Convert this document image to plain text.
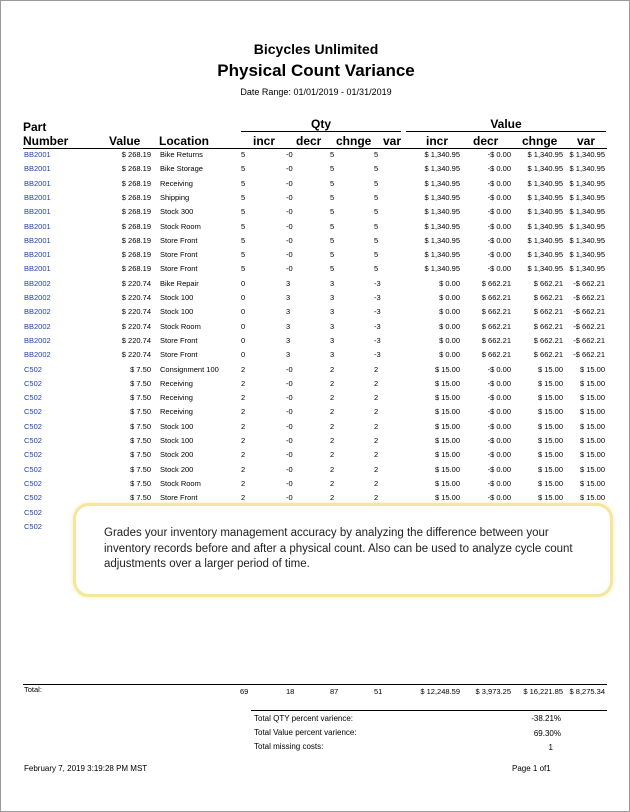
Bicycles Unlimited
Physical Count Variance
Date Range: 01/01/2019 - 01/31/2019
Qty	Value
Part
Number	Value Location	incr decr chnge var incr decr chnge var
BB2001	$ 268.19 Bike Returns	5	-0	5	5	$ 1,340.95	-$ 0.00	$ 1,340.95 $ 1,340.95
BB2001	$ 268.19 Bike Storage	5	-0	5	5	$ 1,340.95	-$ 0.00	$ 1,340.95 $ 1,340.95
BB2001	$ 268.19 Receiving	5	-0	5	5	$ 1,340.95	-$ 0.00	$ 1,340.95 $ 1,340.95
BB2001	$ 268.19 Shipping	5	-0	5	5	$ 1,340.95	-$ 0.00	$ 1,340.95 $ 1,340.95
BB2001	$ 268.19 Stock 300	5	-0	5	5	$ 1,340.95	-$ 0.00	$ 1,340.95 $ 1,340.95
BB2001	$ 268.19 Stock Room	5	-0	5	5	$ 1,340.95	-$ 0.00	$ 1,340.95 $ 1,340.95
BB2001	$ 268.19 Store Front	5	-0	5	5	$ 1,340.95	-$ 0.00	$ 1,340.95 $ 1,340.95
BB2001	$ 268.19 Store Front	5	-0	5	5	$ 1,340.95	-$ 0.00	$ 1,340.95 $ 1,340.95
BB2001	$ 268.19 Store Front	5	-0	5	5	$ 1,340.95	-$ 0.00	$ 1,340.95 $ 1,340.95
BB2002	$ 220.74 Bike Repair	0	3	3	-3	$ 0.00	$ 662.21	$ 662.21	-$ 662.21
BB2002	$ 220.74 Stock 100	0	3	3	-3	$ 0.00	$ 662.21	$ 662.21	-$ 662.21
BB2002	$ 220.74 Stock 100	0	3	3	-3	$ 0.00	$ 662.21	$ 662.21	-$ 662.21
BB2002	$ 220.74 Stock Room	0	3	3	-3	$ 0.00	$ 662.21	$ 662.21	-$ 662.21
BB2002	$ 220.74 Store Front	0	3	3	-3	$ 0.00	$ 662.21	$ 662.21	-$ 662.21
BB2002	$ 220.74 Store Front	0	3	3	-3	$ 0.00	$ 662.21	$ 662.21	-$ 662.21
C502	$ 7.50 Consignment 100	2	-0	2	2	$ 15.00	-$ 0.00	$ 15.00	$ 15.00
C502	$ 7.50 Receiving	2	-0	2	2	$ 15.00	-$ 0.00	$ 15.00	$ 15.00
C502	$ 7.50 Receiving	2	-0	2	2	$ 15.00	-$ 0.00	$ 15.00	$ 15.00
C502	$ 7.50 Receiving	2	-0	2	2	$ 15.00	-$ 0.00	$ 15.00	$ 15.00
C502	$ 7.50 Stock 100	2	-0	2	2	$ 15.00	-$ 0.00	$ 15.00	$ 15.00
C502	$ 7.50 Stock 100	2	-0	2	2	$ 15.00	-$ 0.00	$ 15.00	$ 15.00
C502	$ 7.50 Stock 200	2	-0	2	2	$ 15.00	-$ 0.00	$ 15.00	$ 15.00
C502	$ 7.50 Stock 200	2	-0	2	2	$ 15.00	-$ 0.00	$ 15.00	$ 15.00
C502	$ 7.50 Stock Room	2	-0	2	2	$ 15.00	-$ 0.00	$ 15.00	$ 15.00
C502	$ 7.50 Store Front	2	-0	2	2	$ 15.00	-$ 0.00	$ 15.00	$ 15.00
C502
C502
Grades your inventory management accuracy by analyzing the difference between your inventory records before and after a physical count. Also can be used to analyze cycle count adjustments over a larger period of time.
Total:	69	18	87	51	$ 12,248.59	$ 3,973.25	$ 16,221.85 $ 8,275.34
Total QTY percent varience:	-38.21%
Total Value percent varience:	69.30%
Total missing costs:	1
February 7, 2019 3:19:28 PM MST	Page 1 of1
